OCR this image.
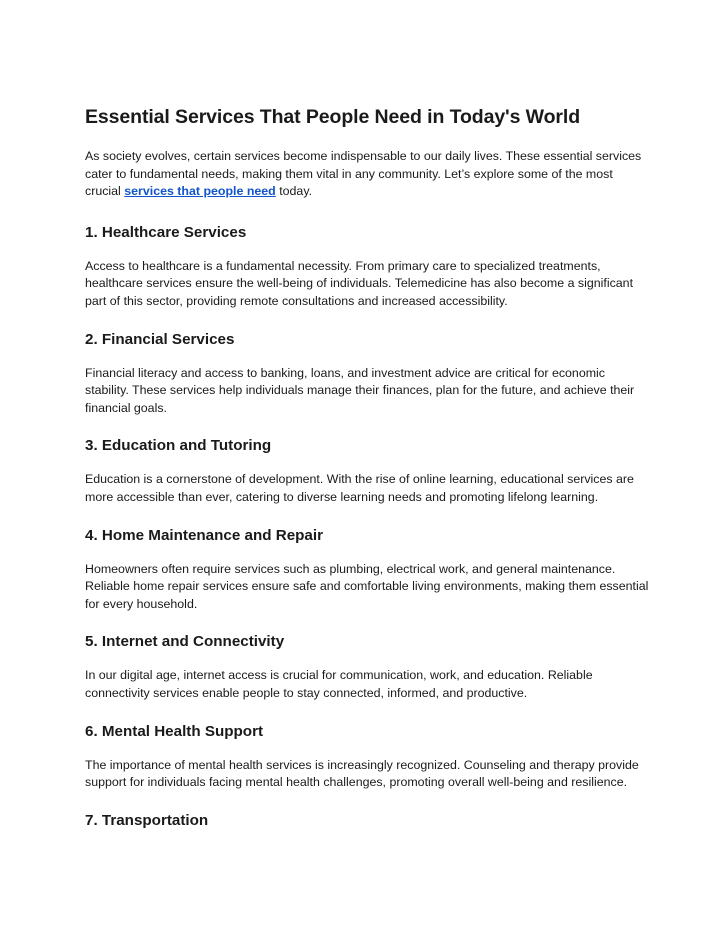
Essential Services That People Need in Today's World

As society evolves, certain services become indispensable to our daily lives. These essential services cater to fundamental needs, making them vital in any community. Let’s explore some of the most crucial services that people need today.

1. Healthcare Services

Access to healthcare is a fundamental necessity. From primary care to specialized treatments, healthcare services ensure the well-being of individuals. Telemedicine has also become a significant part of this sector, providing remote consultations and increased accessibility.

2. Financial Services

Financial literacy and access to banking, loans, and investment advice are critical for economic stability. These services help individuals manage their finances, plan for the future, and achieve their financial goals.

3. Education and Tutoring

Education is a cornerstone of development. With the rise of online learning, educational services are more accessible than ever, catering to diverse learning needs and promoting lifelong learning.

4. Home Maintenance and Repair

Homeowners often require services such as plumbing, electrical work, and general maintenance. Reliable home repair services ensure safe and comfortable living environments, making them essential for every household.

5. Internet and Connectivity

In our digital age, internet access is crucial for communication, work, and education. Reliable connectivity services enable people to stay connected, informed, and productive.

6. Mental Health Support

The importance of mental health services is increasingly recognized. Counseling and therapy provide support for individuals facing mental health challenges, promoting overall well-being and resilience.

7. Transportation
